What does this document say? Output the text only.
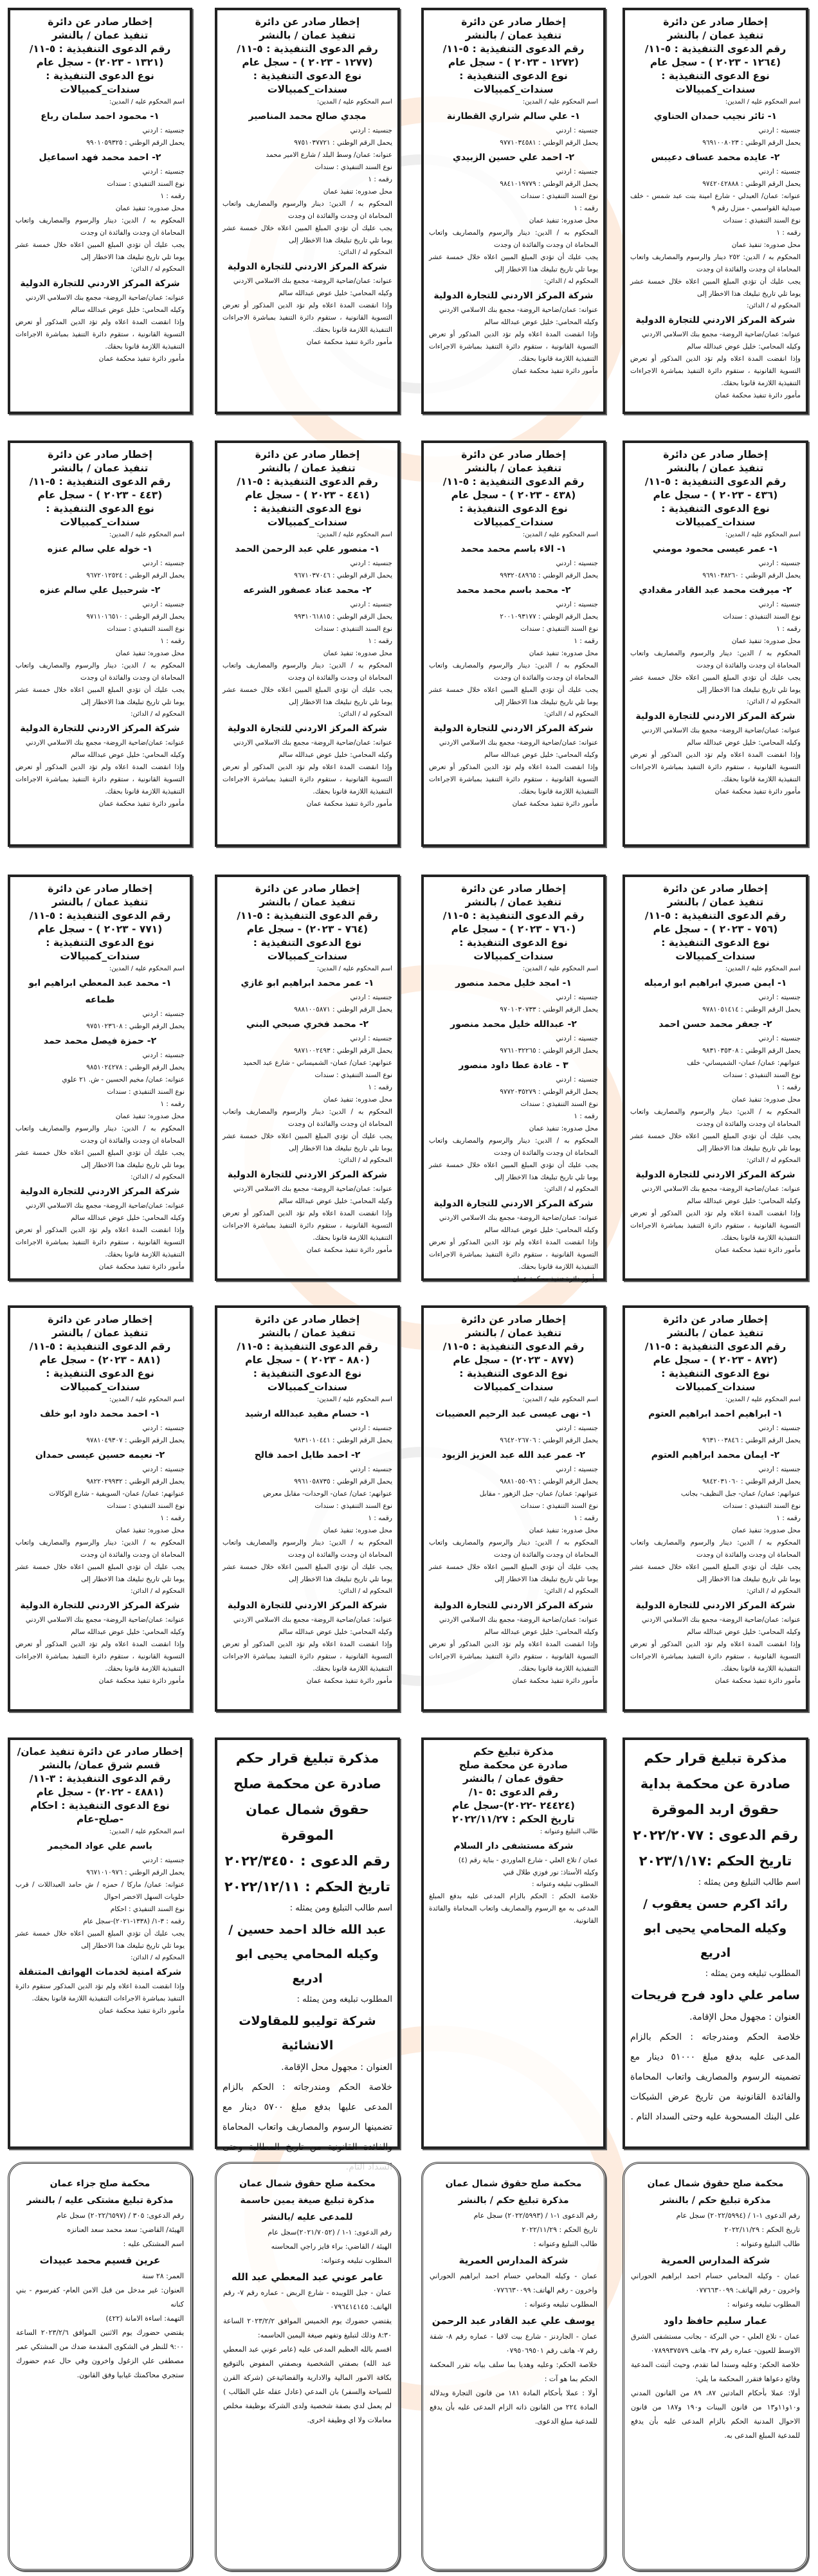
إخطار صادر عن دائرة
تنفيذ عمان / بالنشر
رقم الدعوى التنفيذية : ٥-١١/
(١٢٦٤ - ٢٠٢٣ ) - سجل عام
نوع الدعوى التنفيذية :
سندات_كمبيالات
اسم المحكوم عليه / المدين:
١- ثائر نجيب حمدان الحناوي
جنسيته : اردني
يحمل الرقم الوطني : ٩٦٩١٠٠٨٠٢٣
٢- عايده محمد عساف دعيبس
جنسيته : اردني
يحمل الرقم الوطني : ٩٧٤٢٠٤٢٨٨٨
عنوانه: عمان/ العبدلي - شارع امينة بنت عبد شمس - خلف صيدلية القواسمي - منزل رقم ٩
نوع السند التنفيذي : سندات
رقمه : ١
محل صدوره: تنفيذ عمان
المحكوم به / الدين: ٢٥٢ دينار والرسوم والمصاريف واتعاب المحاماة ان وجدت والفائدة ان وجدت
يجب عليك أن تؤدي المبلغ المبين اعلاه خلال خمسة عشر يوما تلي تاريخ تبليغك هذا الاخطار إلى
المحكوم له / الدائن:
شركة المركز الاردني للتجارة الدولية
عنوانه: عمان/ضاحية الروضة- مجمع بنك الاسلامي الاردني
وكيله المحامي: خليل عوض عبدالله سالم
وإذا انقضت المدة اعلاه ولم تؤد الدين المذكور أو تعرض التسوية القانونية ، ستقوم دائرة التنفيذ بمباشرة الاجراءات التنفيذية اللازمة قانونا بحقك.
مأمور دائرة تنفيذ محكمة عمان
إخطار صادر عن دائرة
تنفيذ عمان / بالنشر
رقم الدعوى التنفيذية : ٥-١١/
(١٢٧٢ - ٢٠٢٣ ) - سجل عام
نوع الدعوى التنفيذية :
سندات_كمبيالات
اسم المحكوم عليه / المدين:
١- علي سالم شراري القطارنة
جنسيته : اردني
يحمل الرقم الوطني : ٩٧٧١٠٣٤٥٨١
٢- احمد علي حسين الزبيدي
جنسيته : اردني
يحمل الرقم الوطني : ٩٨٤١٠١٩٧٧٩
نوع السند التنفيذي : سندات
رقمه : ١
محل صدوره: تنفيذ عمان
المحكوم به / الدين: دينار والرسوم والمصاريف واتعاب المحاماة ان وجدت والفائدة ان وجدت
يجب عليك أن تؤدي المبلغ المبين اعلاه خلال خمسة عشر يوما تلي تاريخ تبليغك هذا الاخطار إلى
المحكوم له / الدائن:
شركة المركز الاردني للتجارة الدولية
عنوانه: عمان/ضاحية الروضة- مجمع بنك الاسلامي الاردني
وكيله المحامي: خليل عوض عبدالله سالم
وإذا انقضت المدة اعلاه ولم تؤد الدين المذكور أو تعرض التسوية القانونية ، ستقوم دائرة التنفيذ بمباشرة الاجراءات التنفيذية اللازمة قانونا بحقك.
مأمور دائرة تنفيذ محكمة عمان
إخطار صادر عن دائرة
تنفيذ عمان / بالنشر
رقم الدعوى التنفيذية : ٥-١١/
(١٢٧٧ - ٢٠٢٣ ) - سجل عام
نوع الدعوى التنفيذية :
سندات_كمبيالات
اسم المحكوم عليه / المدين:
مجدي صالح محمد المناصير
جنسيته : اردني
يحمل الرقم الوطني : ٩٧٥١٠٣٧٧٢١
عنوانه: عمان/ وسط البلد / شارع الامير محمد
نوع السند التنفيذي : سندات
رقمه : ١
محل صدوره: تنفيذ عمان
المحكوم به / الدين: دينار والرسوم والمصاريف واتعاب المحاماة ان وجدت والفائدة ان وجدت
يجب عليك أن تؤدي المبلغ المبين اعلاه خلال خمسة عشر يوما تلي تاريخ تبليغك هذا الاخطار إلى
المحكوم له / الدائن:
شركة المركز الاردني للتجارة الدولية
عنوانه: عمان/ضاحية الروضة- مجمع بنك الاسلامي الاردني
وكيله المحامي: خليل عوض عبدالله سالم
وإذا انقضت المدة اعلاه ولم تؤد الدين المذكور أو تعرض التسوية القانونية ، ستقوم دائرة التنفيذ بمباشرة الاجراءات التنفيذية اللازمة قانونا بحقك.
مأمور دائرة تنفيذ محكمة عمان
إخطار صادر عن دائرة
تنفيذ عمان / بالنشر
رقم الدعوى التنفيذية : ٥-١١/
(١٣٢١ - ٢٠٢٣) - سجل عام
نوع الدعوى التنفيذية :
سندات_كمبيالات
اسم المحكوم عليه / المدين:
١- محمود احمد سلمان رباع
جنسيته : اردني
يحمل الرقم الوطني : ٩٩٠١٠٥٩٣٢٥
٢- احمد محمد فهد اسماعيل
جنسيته : اردني
نوع السند التنفيذي : سندات
رقمه : ١
محل صدوره: تنفيذ عمان
المحكوم به / الدين: دينار والرسوم والمصاريف واتعاب المحاماة ان وجدت والفائدة ان وجدت
يجب عليك أن تؤدي المبلغ المبين اعلاه خلال خمسة عشر يوما تلي تاريخ تبليغك هذا الاخطار إلى
المحكوم له / الدائن:
شركة المركز الاردني للتجارة الدولية
عنوانه: عمان/ضاحية الروضة- مجمع بنك الاسلامي الاردني
وكيله المحامي: خليل عوض عبدالله سالم
وإذا انقضت المدة اعلاه ولم تؤد الدين المذكور أو تعرض التسوية القانونية ، ستقوم دائرة التنفيذ بمباشرة الاجراءات التنفيذية اللازمة قانونا بحقك.
مأمور دائرة تنفيذ محكمة عمان
إخطار صادر عن دائرة
تنفيذ عمان / بالنشر
رقم الدعوى التنفيذية : ٥-١١/
(٤٣٦ - ٢٠٢٣ ) - سجل عام
نوع الدعوى التنفيذية :
سندات_كمبيالات
اسم المحكوم عليه / المدين:
١- عمر عيسى محمود مومني
جنسيته : اردني
يحمل الرقم الوطني : ٩٦٩١٠٣٨٢٦٠
٢- ميرفت محمد عبد القادر مقدادي
جنسيته : اردني
نوع السند التنفيذي : سندات
رقمه : ١
محل صدوره: تنفيذ عمان
المحكوم به / الدين: دينار والرسوم والمصاريف واتعاب المحاماة ان وجدت والفائدة ان وجدت
يجب عليك أن تؤدي المبلغ المبين اعلاه خلال خمسة عشر يوما تلي تاريخ تبليغك هذا الاخطار إلى
المحكوم له / الدائن:
شركة المركز الاردني للتجارة الدولية
عنوانه: عمان/ضاحية الروضة- مجمع بنك الاسلامي الاردني
وكيله المحامي: خليل عوض عبدالله سالم
وإذا انقضت المدة اعلاه ولم تؤد الدين المذكور أو تعرض التسوية القانونية ، ستقوم دائرة التنفيذ بمباشرة الاجراءات التنفيذية اللازمة قانونا بحقك.
مأمور دائرة تنفيذ محكمة عمان
إخطار صادر عن دائرة
تنفيذ عمان / بالنشر
رقم الدعوى التنفيذية : ٥-١١/
(٤٣٨ - ٢٠٢٣ ) - سجل عام
نوع الدعوى التنفيذية :
سندات_كمبيالات
اسم المحكوم عليه / المدين:
١- الاء باسم محمد محمد
جنسيته : اردني
يحمل الرقم الوطني : ٩٩٣٢٠٤٨٩٦٥
٢- محمد باسم محمد محمد
جنسيته : اردني
يحمل الرقم الوطني : ٢٠٠١٠٩٣١٧٧
نوع السند التنفيذي : سندات
رقمه : ١
محل صدوره: تنفيذ عمان
المحكوم به / الدين: دينار والرسوم والمصاريف واتعاب المحاماة ان وجدت والفائدة ان وجدت
يجب عليك أن تؤدي المبلغ المبين اعلاه خلال خمسة عشر يوما تلي تاريخ تبليغك هذا الاخطار إلى
المحكوم له / الدائن:
شركة المركز الاردني للتجارة الدولية
عنوانه: عمان/ضاحية الروضة- مجمع بنك الاسلامي الاردني
وكيله المحامي: خليل عوض عبدالله سالم
وإذا انقضت المدة اعلاه ولم تؤد الدين المذكور أو تعرض التسوية القانونية ، ستقوم دائرة التنفيذ بمباشرة الاجراءات التنفيذية اللازمة قانونا بحقك.
مأمور دائرة تنفيذ محكمة عمان
إخطار صادر عن دائرة
تنفيذ عمان / بالنشر
رقم الدعوى التنفيذية : ٥-١١/
(٤٤١ - ٢٠٢٣ ) - سجل عام
نوع الدعوى التنفيذية :
سندات_كمبيالات
اسم المحكوم عليه / المدين:
١- منصور علي عبد الرحمن الحمد
جنسيته : اردني
يحمل الرقم الوطني : ٩٦٧١٠٣٧٠٤٦
٢- محمد عناد عصفور الشرعه
جنسيته : اردني
يحمل الرقم الوطني : ٩٩٣١٠٦١٨١٥
نوع السند التنفيذي : سندات
رقمه : ١
محل صدوره: تنفيذ عمان
المحكوم به / الدين: دينار والرسوم والمصاريف واتعاب المحاماة ان وجدت والفائدة ان وجدت
يجب عليك أن تؤدي المبلغ المبين اعلاه خلال خمسة عشر يوما تلي تاريخ تبليغك هذا الاخطار إلى
المحكوم له / الدائن:
شركة المركز الاردني للتجارة الدولية
عنوانه: عمان/ضاحية الروضة- مجمع بنك الاسلامي الاردني
وكيله المحامي: خليل عوض عبدالله سالم
وإذا انقضت المدة اعلاه ولم تؤد الدين المذكور أو تعرض التسوية القانونية ، ستقوم دائرة التنفيذ بمباشرة الاجراءات التنفيذية اللازمة قانونا بحقك.
مأمور دائرة تنفيذ محكمة عمان
إخطار صادر عن دائرة
تنفيذ عمان / بالنشر
رقم الدعوى التنفيذية : ٥-١١/
(٤٤٣ - ٢٠٢٣ ) - سجل عام
نوع الدعوى التنفيذية :
سندات_كمبيالات
اسم المحكوم عليه / المدين:
١- خوله علي سالم عنزه
جنسيته : اردني
يحمل الرقم الوطني : ٩٦٧٢٠١٢٥٢٤
٢- شرحبيل علي سالم عنزه
جنسيته : اردني
يحمل الرقم الوطني : ٩٧١١٠١٦٥١٠
نوع السند التنفيذي : سندات
رقمه : ١
محل صدوره: تنفيذ عمان
المحكوم به / الدين: دينار والرسوم والمصاريف واتعاب المحاماة ان وجدت والفائدة ان وجدت
يجب عليك أن تؤدي المبلغ المبين اعلاه خلال خمسة عشر يوما تلي تاريخ تبليغك هذا الاخطار إلى
المحكوم له / الدائن:
شركة المركز الاردني للتجارة الدولية
عنوانه: عمان/ضاحية الروضة- مجمع بنك الاسلامي الاردني
وكيله المحامي: خليل عوض عبدالله سالم
وإذا انقضت المدة اعلاه ولم تؤد الدين المذكور أو تعرض التسوية القانونية ، ستقوم دائرة التنفيذ بمباشرة الاجراءات التنفيذية اللازمة قانونا بحقك.
مأمور دائرة تنفيذ محكمة عمان
إخطار صادر عن دائرة
تنفيذ عمان / بالنشر
رقم الدعوى التنفيذية : ٥-١١/
(٧٥٦ - ٢٠٢٣ ) - سجل عام
نوع الدعوى التنفيذية :
سندات_كمبيالات
اسم المحكوم عليه / المدين:
١- ايمن صبري ابراهيم ابو ارميله
جنسيته : اردني
يحمل الرقم الوطني : ٩٧٨١٠٥١٤١٤
٢- جعفر محمد حسن احمد
جنسيته : اردني
يحمل الرقم الوطني : ٩٨٣١٠٣٥٣٠٨
عنوانهم: عمان/ عمان- الشميساني- خلف
نوع السند التنفيذي : سندات
رقمه : ١
محل صدوره: تنفيذ عمان
المحكوم به / الدين: دينار والرسوم والمصاريف واتعاب المحاماة ان وجدت والفائدة ان وجدت
يجب عليك أن تؤدي المبلغ المبين اعلاه خلال خمسة عشر يوما تلي تاريخ تبليغك هذا الاخطار إلى
المحكوم له / الدائن:
شركة المركز الاردني للتجارة الدولية
عنوانه: عمان/ضاحية الروضة- مجمع بنك الاسلامي الاردني
وكيله المحامي: خليل عوض عبدالله سالم
وإذا انقضت المدة اعلاه ولم تؤد الدين المذكور أو تعرض التسوية القانونية ، ستقوم دائرة التنفيذ بمباشرة الاجراءات التنفيذية اللازمة قانونا بحقك.
مأمور دائرة تنفيذ محكمة عمان
إخطار صادر عن دائرة
تنفيذ عمان / بالنشر
رقم الدعوى التنفيذية : ٥-١١/
(٧٦٠ - ٢٠٢٣ ) - سجل عام
نوع الدعوى التنفيذية :
سندات_كمبيالات
اسم المحكوم عليه / المدين:
١- امجد خليل محمد منصور
جنسيته : اردني
يحمل الرقم الوطني : ٩٧٠١٠٣٠٧٣٣
٢- عبدالله خليل محمد منصور
جنسيته : اردني
يحمل الرقم الوطني : ٩٧٦١٠٣٢٢٦٥
٣ - غادة عطا داود منصور
جنسيته : اردني
يحمل الرقم الوطني : ٩٧٧٢٠٣٥٢٧٩
نوع السند التنفيذي : سندات
رقمه : ١
محل صدوره: تنفيذ عمان
المحكوم به / الدين: دينار والرسوم والمصاريف واتعاب المحاماة ان وجدت والفائدة ان وجدت
يجب عليك أن تؤدي المبلغ المبين اعلاه خلال خمسة عشر يوما تلي تاريخ تبليغك هذا الاخطار إلى
المحكوم له / الدائن:
شركة المركز الاردني للتجارة الدولية
عنوانه: عمان/ضاحية الروضة- مجمع بنك الاسلامي الاردني
وكيله المحامي: خليل عوض عبدالله سالم
وإذا انقضت المدة اعلاه ولم تؤد الدين المذكور أو تعرض التسوية القانونية ، ستقوم دائرة التنفيذ بمباشرة الاجراءات التنفيذية اللازمة قانونا بحقك.
مأمور دائرة تنفيذ محكمة عمان
إخطار صادر عن دائرة
تنفيذ عمان / بالنشر
رقم الدعوى التنفيذية : ٥-١١/
(٧٦٤ - ٢٠٢٣) - سجل عام
نوع الدعوى التنفيذية :
سندات_كمبيالات
اسم المحكوم عليه / المدين:
١- عمر محمد ابراهيم ابو غازي
جنسيته : اردني
يحمل الرقم الوطني : ٩٨٨١٠٠٥٨٧١
٢- محمد فخري صبحي البني
جنسيته : اردني
يحمل الرقم الوطني : ٩٨٧١٠٠٢٤٩٣
عنوانهم: عمان/ عمان- الشميساني - شارع عبد الحميد
نوع السند التنفيذي : سندات
رقمه : ١
محل صدوره: تنفيذ عمان
المحكوم به / الدين: دينار والرسوم والمصاريف واتعاب المحاماة ان وجدت والفائدة ان وجدت
يجب عليك أن تؤدي المبلغ المبين اعلاه خلال خمسة عشر يوما تلي تاريخ تبليغك هذا الاخطار إلى
المحكوم له / الدائن:
شركة المركز الاردني للتجارة الدولية
عنوانه: عمان/ضاحية الروضة- مجمع بنك الاسلامي الاردني
وكيله المحامي: خليل عوض عبدالله سالم
وإذا انقضت المدة اعلاه ولم تؤد الدين المذكور أو تعرض التسوية القانونية ، ستقوم دائرة التنفيذ بمباشرة الاجراءات التنفيذية اللازمة قانونا بحقك.
مأمور دائرة تنفيذ محكمة عمان
إخطار صادر عن دائرة
تنفيذ عمان / بالنشر
رقم الدعوى التنفيذية : ٥-١١/
(٧٧١ - ٢٠٢٣ ) - سجل عام
نوع الدعوى التنفيذية :
سندات_كمبيالات
اسم المحكوم عليه / المدين:
١- محمد عبد المعطي ابراهيم ابو طماعه
جنسيته : اردني
يحمل الرقم الوطني : ٩٧٥١٠٢٣٦٠٨
٢- حمزة فيصل محمد حمد
جنسيته : اردني
يحمل الرقم الوطني : ٩٨٥١٠٢٤٢٧٨
عنوانه: عمان/ مخيم الحسين - ش. ٢١ علوي
نوع السند التنفيذي : سندات
رقمه : ١
محل صدوره: تنفيذ عمان
المحكوم به / الدين: دينار والرسوم والمصاريف واتعاب المحاماة ان وجدت والفائدة ان وجدت
يجب عليك أن تؤدي المبلغ المبين اعلاه خلال خمسة عشر يوما تلي تاريخ تبليغك هذا الاخطار إلى
المحكوم له / الدائن:
شركة المركز الاردني للتجارة الدولية
عنوانه: عمان/ضاحية الروضة- مجمع بنك الاسلامي الاردني
وكيله المحامي: خليل عوض عبدالله سالم
وإذا انقضت المدة اعلاه ولم تؤد الدين المذكور أو تعرض التسوية القانونية ، ستقوم دائرة التنفيذ بمباشرة الاجراءات التنفيذية اللازمة قانونا بحقك.
مأمور دائرة تنفيذ محكمة عمان
إخطار صادر عن دائرة
تنفيذ عمان / بالنشر
رقم الدعوى التنفيذية : ٥-١١/
(٨٧٢ - ٢٠٢٣ ) - سجل عام
نوع الدعوى التنفيذية :
سندات_كمبيالات
اسم المحكوم عليه / المدين:
١- ابراهيم احمد ابراهيم العتوم
جنسيته : اردني
يحمل الرقم الوطني : ٩٦٣١٠٠٣٨٤٦
٢- ايمان محمد ابراهيم العتوم
جنسيته : اردني
يحمل الرقم الوطني : ٩٨٤٢٠٣١٠٦٠
عنوانهم: عمان/ عمان- جبل النظيف- بجانب
نوع السند التنفيذي : سندات
رقمه : ١
محل صدوره: تنفيذ عمان
المحكوم به / الدين: دينار والرسوم والمصاريف واتعاب المحاماة ان وجدت والفائدة ان وجدت
يجب عليك أن تؤدي المبلغ المبين اعلاه خلال خمسة عشر يوما تلي تاريخ تبليغك هذا الاخطار إلى
المحكوم له / الدائن:
شركة المركز الاردني للتجارة الدولية
عنوانه: عمان/ضاحية الروضة- مجمع بنك الاسلامي الاردني
وكيله المحامي: خليل عوض عبدالله سالم
وإذا انقضت المدة اعلاه ولم تؤد الدين المذكور أو تعرض التسوية القانونية ، ستقوم دائرة التنفيذ بمباشرة الاجراءات التنفيذية اللازمة قانونا بحقك.
مأمور دائرة تنفيذ محكمة عمان
إخطار صادر عن دائرة
تنفيذ عمان / بالنشر
رقم الدعوى التنفيذية : ٥-١١/
(٨٧٧ - ٢٠٢٣) - سجل عام
نوع الدعوى التنفيذية :
سندات_كمبيالات
اسم المحكوم عليه / المدين:
١- نهى عيسى عبد الرحيم العضيبات
جنسيته : اردني
يحمل الرقم الوطني : ٩٦٤٢٠٢٦٧٠٦
٢- عمر عبد الله عبد العزيز الزيود
جنسيته : اردني
يحمل الرقم الوطني : ٩٨٨١٠٥٥٠٩٦
عنوانهم: عمان/ عمان- جبل الزهور - مقابل
نوع السند التنفيذي : سندات
رقمه : ١
محل صدوره: تنفيذ عمان
المحكوم به / الدين: دينار والرسوم والمصاريف واتعاب المحاماة ان وجدت والفائدة ان وجدت
يجب عليك أن تؤدي المبلغ المبين اعلاه خلال خمسة عشر يوما تلي تاريخ تبليغك هذا الاخطار إلى
المحكوم له / الدائن:
شركة المركز الاردني للتجارة الدولية
عنوانه: عمان/ضاحية الروضة- مجمع بنك الاسلامي الاردني
وكيله المحامي: خليل عوض عبدالله سالم
وإذا انقضت المدة اعلاه ولم تؤد الدين المذكور أو تعرض التسوية القانونية ، ستقوم دائرة التنفيذ بمباشرة الاجراءات التنفيذية اللازمة قانونا بحقك.
مأمور دائرة تنفيذ محكمة عمان
إخطار صادر عن دائرة
تنفيذ عمان / بالنشر
رقم الدعوى التنفيذية : ٥-١١/
(٨٨٠ - ٢٠٢٣ ) - سجل عام
نوع الدعوى التنفيذية :
سندات_كمبيالات
اسم المحكوم عليه / المدين:
١- حسام مفيد عبدالله ارشيد
جنسيته : اردني
يحمل الرقم الوطني : ٩٨٣١٠١٠٤٤١
٢- احمد طايل احمد فالح
جنسيته : اردني
يحمل الرقم الوطني : ٩٩٦١٠٥٨٧٣٥
عنوانهم: عمان/ عمان- الوحدات- مقابل معرض
نوع السند التنفيذي : سندات
رقمه : ١
محل صدوره: تنفيذ عمان
المحكوم به / الدين: دينار والرسوم والمصاريف واتعاب المحاماة ان وجدت والفائدة ان وجدت
يجب عليك أن تؤدي المبلغ المبين اعلاه خلال خمسة عشر يوما تلي تاريخ تبليغك هذا الاخطار إلى
المحكوم له / الدائن:
شركة المركز الاردني للتجارة الدولية
عنوانه: عمان/ضاحية الروضة- مجمع بنك الاسلامي الاردني
وكيله المحامي: خليل عوض عبدالله سالم
وإذا انقضت المدة اعلاه ولم تؤد الدين المذكور أو تعرض التسوية القانونية ، ستقوم دائرة التنفيذ بمباشرة الاجراءات التنفيذية اللازمة قانونا بحقك.
مأمور دائرة تنفيذ محكمة عمان
إخطار صادر عن دائرة
تنفيذ عمان / بالنشر
رقم الدعوى التنفيذية : ٥-١١/
(٨٨١ - ٢٠٢٣) - سجل عام
نوع الدعوى التنفيذية :
سندات_كمبيالات
اسم المحكوم عليه / المدين:
١- احمد محمد داود ابو خلف
جنسيته : اردني
يحمل الرقم الوطني : ٩٧٨١٠٤٩٣٠٧
٢- نعيمه حسين عيسى حمدان
جنسيته : اردني
يحمل الرقم الوطني : ٩٨٢٢٠٢٩٩٣٢
عنوانهم: عمان/ عمان- السويفية - شارع الوكالات
نوع السند التنفيذي : سندات
رقمه : ١
محل صدوره: تنفيذ عمان
المحكوم به / الدين: دينار والرسوم والمصاريف واتعاب المحاماة ان وجدت والفائدة ان وجدت
يجب عليك أن تؤدي المبلغ المبين اعلاه خلال خمسة عشر يوما تلي تاريخ تبليغك هذا الاخطار إلى
المحكوم له / الدائن:
شركة المركز الاردني للتجارة الدولية
عنوانه: عمان/ضاحية الروضة- مجمع بنك الاسلامي الاردني
وكيله المحامي: خليل عوض عبدالله سالم
وإذا انقضت المدة اعلاه ولم تؤد الدين المذكور أو تعرض التسوية القانونية ، ستقوم دائرة التنفيذ بمباشرة الاجراءات التنفيذية اللازمة قانونا بحقك.
مأمور دائرة تنفيذ محكمة عمان
مذكرة تبليغ قرار حكم
صادرة عن محكمة بداية
حقوق اربد الموقرة
رقم الدعوى : ٢٠٢٢/٢٠٧٧
تاريخ الحكم :٢٠٢٣/١/١٧
اسم طالب التبليغ ومن يمثله :
رائد اكرم حسن يعقوب /
وكيله المحامي يحيى ابو ادريع
المطلوب تبليغه ومن يمثله :
سامر علي داود فرح فريحات
العنوان : مجهول محل الإقامة.
خلاصة الحكم ومندرجاته : الحكم بالزام المدعى عليه بدفع مبلغ ٥١٠٠٠ دينار مع تضمينه الرسوم والمصاريف واتعاب المحاماة والفائدة القانونية من تاريخ عرض الشيكات على البنك المسحوبة عليه وحتى السداد التام .
مذكرة تبليغ حكم
صادرة عن محكمة صلح
حقوق عمان / بالنشر
رقم الدعوى :٥ -١/
(٢٤٤٢٤ -٢٠٢٢)-سجل عام
تاريخ الحكم : ٢٠٢٢/١١/٢٧
طالب التبليغ وعنوانه :
شركة مستشفى دار السلام
عمان / تلاع العلي - شارع الماوردي - بناية رقم (٤)
وكيله الأستاذ: نور فوزي طلال قني
المطلوب تبليغه وعنوانه :
خلاصة الحكم : الحكم بالزام المدعى عليه بدفع المبلغ المدعى به مع الرسوم والمصاريف واتعاب المحاماة والفائدة القانونية.
مذكرة تبليغ قرار حكم
صادرة عن محكمة صلح
حقوق شمال عمان الموقرة
رقم الدعوى : ٢٠٢٢/٣٤٥٠
تاريخ الحكم : ٢٠٢٢/١٢/١١
اسم طالب التبليغ ومن يمثله :
عبد الله خالد احمد حسين /
وكيله المحامي يحيى ابو ادريع
المطلوب تبليغه ومن يمثله :
شركة توليبو للمقاولات الانشائية
العنوان : مجهول محل الإقامة.
خلاصة الحكم ومندرجاته : الحكم بالزام المدعى عليها بدفع مبلغ ٥٧٠٠ دينار مع تضمينها الرسوم والمصاريف واتعاب المحاماة والفائدة القانونية من تاريخ المطالبة وحتى
إخطار صادر عن دائرة تنفيذ عمان/
قسم شرق عمان/ بالنشر
رقم الدعوى التنفيذية : ٣-١١/
(٤٨٨١ - ٢٠٢٢) - سجل عام
نوع الدعوى التنفيذية : احكام -صلح-عام
اسم المحكوم عليه / المدين:
باسم علي عواد المخيمر
جنسيته : اردني
يحمل الرقم الوطني : ٩٦٧١٠١٠٩٧٦
عنوانه: عمان/ ماركا / حمزه / ش حامد العبداللات / قرب حلويات السهل الاخضر احوال
نوع السند التنفيذي : احكام
رقمه : ٣-١/ (١٣٣٨-٢٠٢١)-سجل عام
يجب عليك أن تؤدي المبلغ المبين اعلاه خلال خمسة عشر يوما تلي تاريخ تبليغك هذا الاخطار إلى
المحكوم له / الدائن:
شركة امنية لخدمات الهواتف المتنقلة
وإذا انقضت المدة اعلاه ولم تؤد الدين المذكور ستقوم دائرة التنفيذ بمباشرة الاجراءات التنفيذية اللازمة قانونا بحقك.
مأمور دائرة تنفيذ محكمة عمان
محكمة صلح حقوق شمال عمان
مذكرة تبليغ حكم / بالنشر
رقم الدعوى ١-١ / (٢٠٢٢/٥٩٩٤) سجل عام
تاريخ الحكم : ٢٠٢٢/١١/٢٩
طالب التبليغ وعنوانه :
شركة المدارس العمرية
عمان - وكيله المحامي حسام احمد ابراهيم الحوراني واخرون - رقم الهاتف: ٠٧٧٦٦٣٠٠٩٩
المطلوب تبليغه وعنوانه :
عمار سليم حافظ داود
عمان - تلاع العلي - حي البركة - بجانب مستشفى الشرق الاوسط للعيون- عماره رقم ٣٧- هاتف ٠٧٨٩٩٣٧٥٧٩
خلاصة الحكم: وعليه وسندا لما تقدم، وحيث أثبتت المدعية وقائع دعواها فتقرر المحكمة ما يلي:
أولا: عملا بأحكام المادتين ٨٧، ٨٩ من القانون المدني و١٠و١١و١٣ من قانون البينات و١٩٠ و١٨٧ من قانون الاحوال المدنية الحكم بالزام المدعى عليه بأن يدفع للمدعية المبلغ المدعى به.
محكمة صلح حقوق شمال عمان
مذكرة تبليغ حكم / بالنشر
رقم الدعوى ١-١ / (٢٠٢٢/٥٩٩٣) سجل عام
تاريخ الحكم : ٢٠٢٢/١١/٢٩
طالب التبليغ وعنوانه :
شركة المدارس العمرية
عمان - وكيله المحامي حسام احمد ابراهيم الحوراني واخرون - رقم الهاتف: ٠٧٧٦٦٣٠٠٩٩
المطلوب تبليغه وعنوانه :
يوسف علي عبد القادر عبد الرحمن
عمان - الجاردنز - شارع بيت لاقيا - عماره رقم ٨- شقة رقم ٧- هاتف رقم ٠٧٩٥٠٦٩٥٠١
خلاصة الحكم: وعليه وهديا بما سلف بيانه تقرر المحكمة الحكم بما هو آت :
أولا : عملا بأحكام المادة ١٨١ من قانون التجارة وبدلالة المادة ٢٢٤ من القانون ذاته الزام المدعى عليه بأن يدفع للمدعية مبلغ الدعوى.
محكمة صلح حقوق شمال عمان
مذكرة تبليغ صيغة يمين حاسمة للمدعى عليه /بالنشر
رقم الدعوى: ١-١ / (٢٠٢١/٧٠٥٢)سجل عام
الهيئة / القاضي: براء فايز راجي المحاسنه
المطلوب تبليغه وعنوانه:
عامر عوني عبد المعطي عبد الله
عمان - جبل اللويبده - شارع الربض - عماره رقم ٧- رقم الهاتف: ٠٧٩٦٤١٤١٤٥
يقتضي حضورك يوم الخميس الموافق ٢٠٢٣/٢/٢ الساعة ٨:٣٠ وذلك لتبليغ وتفهم صيغة اليمين الحاسمه:
اقسم بالله العظيم المدعى عليه (عامر عوني عبد المعطي عبد الله) بصفتي الشخصية وبصفتي المفوض بالتوقيع بكافة الامور المالية والادارية والقضائيةعن (شركة القرن للسياحة والسفر) بان المدعي (عادل عقله علي الطالب ) لم يعمل لدي بصفة شخصية ولدى الشركة بوظيفة مخلص معاملات ولا اي وظيفة اخرى.
محكمة صلح جزاء عمان
مذكرة تبليغ مشتكى عليه / بالنشر
رقم الدعوى: ٣٠٥ / (٢٠٢٢/٦٥٩٧) سجل عام
الهيئة/ القاضي: سعد محمد سعد العنانزه
اسم المشتكى عليه :
عرين قسيم محمد عبيدات
العمر: ٢٨ سنة
العنوان: غير مدخل من قبل الامن العام- كفرسوم - بني كنانه
التهمة: اساءة الامانة (٤٢٢)
يقتضي حضورك يوم الاثنين الموافق ٢٠٢٣/٢/٦ الساعة ٩:٠٠ للنظر في الشكوى المقدمة ضدك من المشتكي عمر مصطفى علي الزغول واخرون وفي حال عدم حضورك ستجري محاكمتك غيابيا وفق القانون.
